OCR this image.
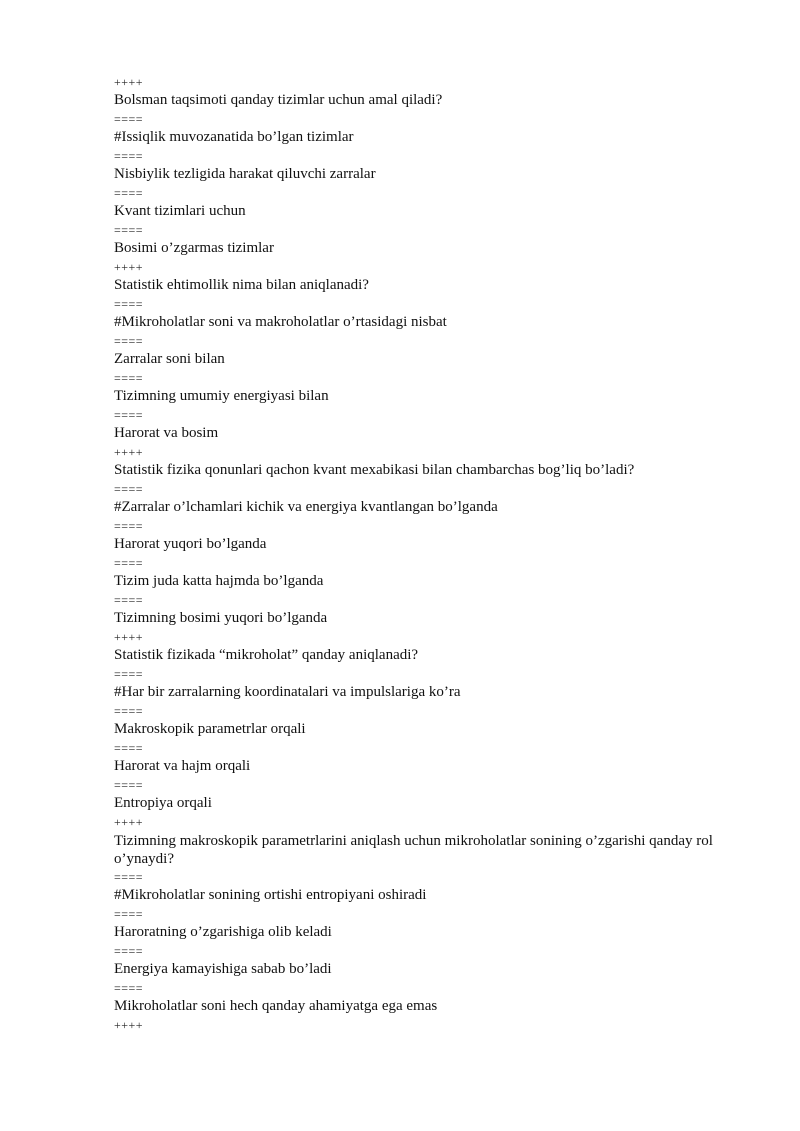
++++
Bolsman taqsimoti qanday tizimlar uchun amal qiladi?
====
#Issiqlik muvozanatida bo’lgan tizimlar
====
Nisbiylik tezligida harakat qiluvchi zarralar
====
Kvant tizimlari uchun
====
Bosimi o’zgarmas tizimlar
++++
Statistik ehtimollik nima bilan aniqlanadi?
====
#Mikroholatlar soni va makroholatlar o’rtasidagi nisbat
====
Zarralar soni bilan
====
Tizimning umumiy energiyasi bilan
====
Harorat va bosim
++++
Statistik fizika qonunlari qachon kvant mexabikasi bilan chambarchas bog’liq bo’ladi?
====
#Zarralar o’lchamlari kichik va energiya kvantlangan bo’lganda
====
Harorat yuqori bo’lganda
====
Tizim juda katta hajmda bo’lganda
====
Tizimning bosimi yuqori bo’lganda
++++
Statistik fizikada “mikroholat” qanday aniqlanadi?
====
#Har bir zarralarning koordinatalari va impulslariga ko’ra
====
Makroskopik parametrlar orqali
====
Harorat va hajm orqali
====
Entropiya orqali
++++
Tizimning makroskopik parametrlarini aniqlash uchun mikroholatlar sonining o’zgarishi qanday rol o’ynaydi?
====
#Mikroholatlar sonining ortishi entropiyani oshiradi
====
Haroratning o’zgarishiga olib keladi
====
Energiya kamayishiga sabab bo’ladi
====
Mikroholatlar soni hech qanday ahamiyatga ega emas
++++
